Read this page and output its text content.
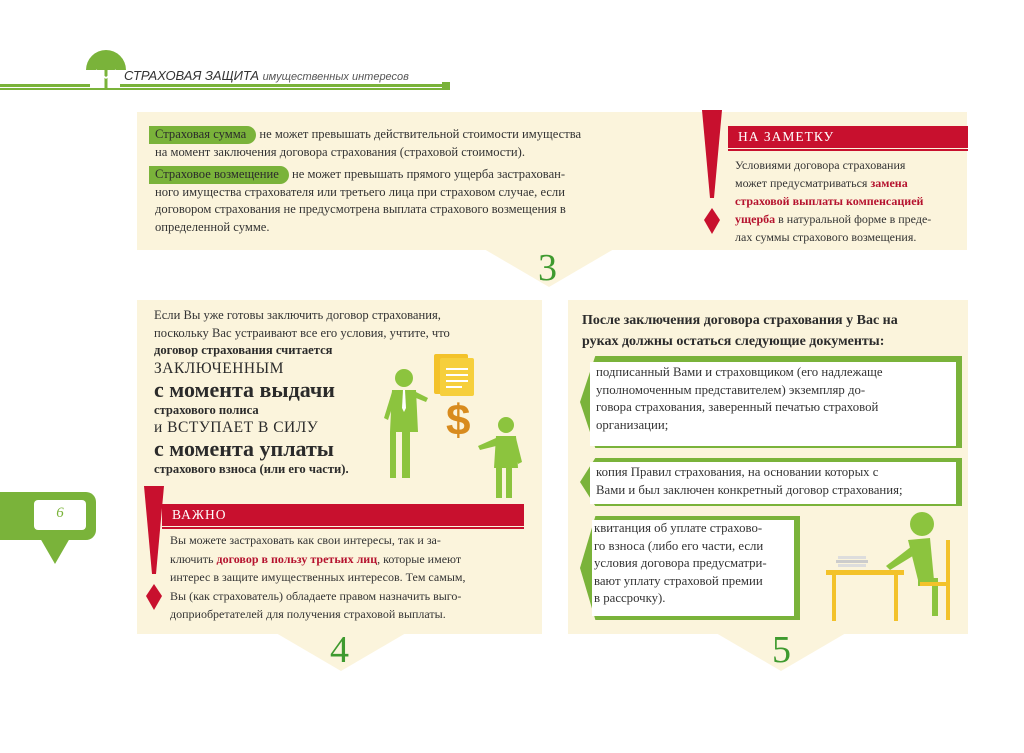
СТРАХОВАЯ ЗАЩИТА имущественных интересов
6
3
Страховая сумма не может превышать действительной стоимости имущества
на момент заключения договора страхования (страховой стоимости).
Страховое возмещение не может превышать прямого ущерба застрахован-
ного имущества страхователя или третьего лица при страховом случае, если
договором страхования не предусмотрена выплата страхового возмещения в
определенной сумме.
НА ЗАМЕТКУ
Условиями договора страхования
может предусматриваться замена
страховой выплаты компенсацией
ущерба в натуральной форме в преде-
лах суммы страхового возмещения.
4
Если Вы уже готовы заключить договор страхования,
поскольку Вас устраивают все его условия, учтите, что
договор страхования считается
ЗАКЛЮЧЕННЫМ
с момента выдачи
страхового полиса
и ВСТУПАЕТ В СИЛУ
с момента уплаты
страхового взноса (или его части).
$
ВАЖНО
Вы можете застраховать как свои интересы, так и за-
ключить договор в пользу третьих лиц, которые имеют
интерес в защите имущественных интересов. Тем самым,
Вы (как страхователь) обладаете правом назначить выго-
доприобретателей для получения страховой выплаты.
5
После заключения договора страхования у Вас на
руках должны остаться следующие документы:
подписанный Вами и страховщиком (его надлежаще
уполномоченным представителем) экземпляр до-
говора страхования, заверенный печатью страховой
организации;
копия Правил страхования, на основании которых с
Вами и был заключен конкретный договор страхования;
квитанция об уплате страхово-
го взноса (либо его части, если
условия договора предусматри-
вают уплату страховой премии
в рассрочку).
